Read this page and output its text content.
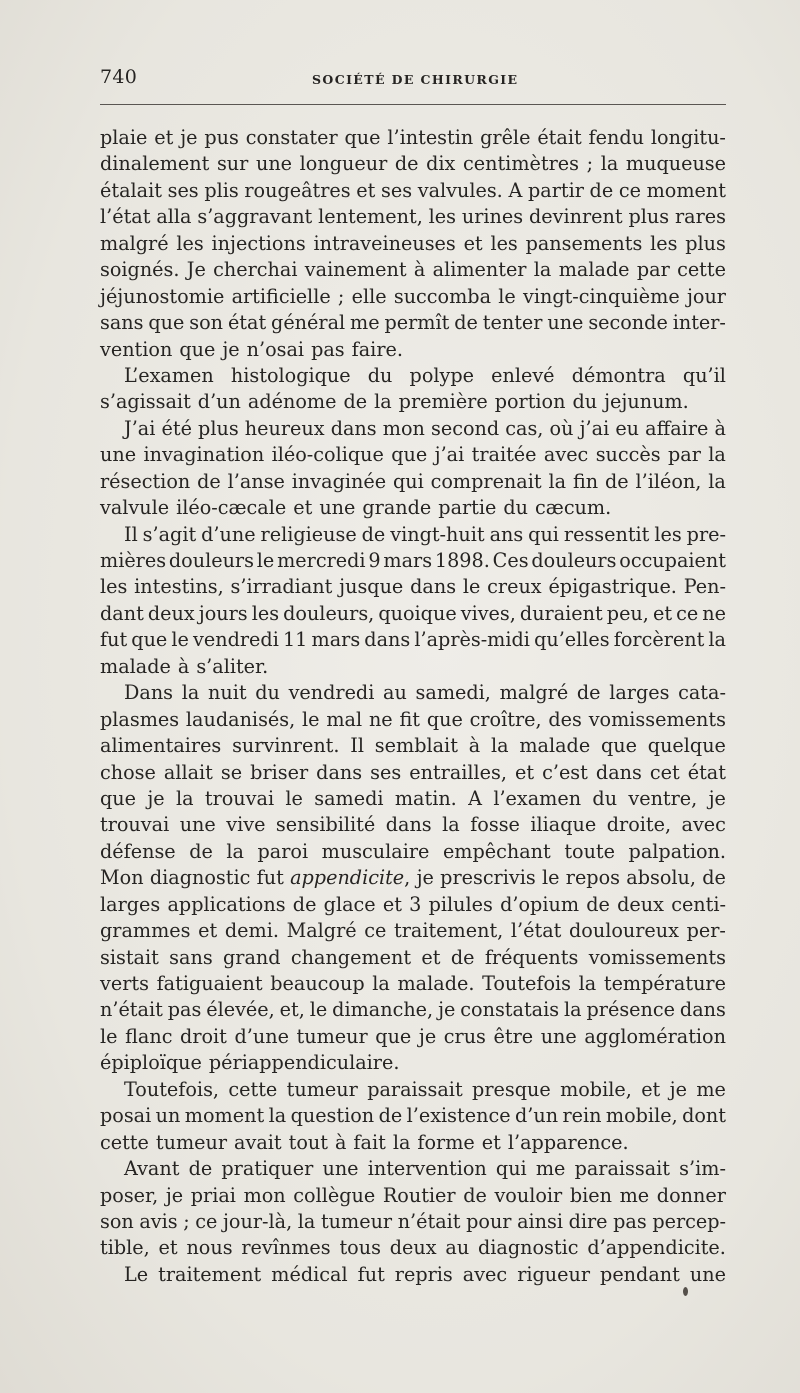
740	SOCIÉTÉ DE CHIRURGIE
plaie et je pus constater que l’intestin grêle était fendu longitu-
dinalement sur une longueur de dix centimètres ; la muqueuse
étalait ses plis rougeâtres et ses valvules. A partir de ce moment
l’état alla s’aggravant lentement, les urines devinrent plus rares
malgré les injections intraveineuses et les pansements les plus
soignés. Je cherchai vainement à alimenter la malade par cette
jéjunostomie artificielle ; elle succomba le vingt-cinquième jour
sans que son état général me permît de tenter une seconde inter-
vention que je n’osai pas faire.
L’examen histologique du polype enlevé démontra qu’il
s’agissait d’un adénome de la première portion du jejunum.
J’ai été plus heureux dans mon second cas, où j’ai eu affaire à
une invagination iléo-colique que j’ai traitée avec succès par la
résection de l’anse invaginée qui comprenait la fin de l’iléon, la
valvule iléo-cæcale et une grande partie du cæcum.
Il s’agit d’une religieuse de vingt-huit ans qui ressentit les pre-
mières douleurs le mercredi 9 mars 1898. Ces douleurs occupaient
les intestins, s’irradiant jusque dans le creux épigastrique. Pen-
dant deux jours les douleurs, quoique vives, duraient peu, et ce ne
fut que le vendredi 11 mars dans l’après-midi qu’elles forcèrent la
malade à s’aliter.
Dans la nuit du vendredi au samedi, malgré de larges cata-
plasmes laudanisés, le mal ne fit que croître, des vomissements
alimentaires survinrent. Il semblait à la malade que quelque
chose allait se briser dans ses entrailles, et c’est dans cet état
que je la trouvai le samedi matin. A l’examen du ventre, je
trouvai une vive sensibilité dans la fosse iliaque droite, avec
défense de la paroi musculaire empêchant toute palpation.
Mon diagnostic fut appendicite, je prescrivis le repos absolu, de
larges applications de glace et 3 pilules d’opium de deux centi-
grammes et demi. Malgré ce traitement, l’état douloureux per-
sistait sans grand changement et de fréquents vomissements
verts fatiguaient beaucoup la malade. Toutefois la température
n’était pas élevée, et, le dimanche, je constatais la présence dans
le flanc droit d’une tumeur que je crus être une agglomération
épiploïque périappendiculaire.
Toutefois, cette tumeur paraissait presque mobile, et je me
posai un moment la question de l’existence d’un rein mobile, dont
cette tumeur avait tout à fait la forme et l’apparence.
Avant de pratiquer une intervention qui me paraissait s’im-
poser, je priai mon collègue Routier de vouloir bien me donner
son avis ; ce jour-là, la tumeur n’était pour ainsi dire pas percep-
tible, et nous revînmes tous deux au diagnostic d’appendicite.
Le traitement médical fut repris avec rigueur pendant une
